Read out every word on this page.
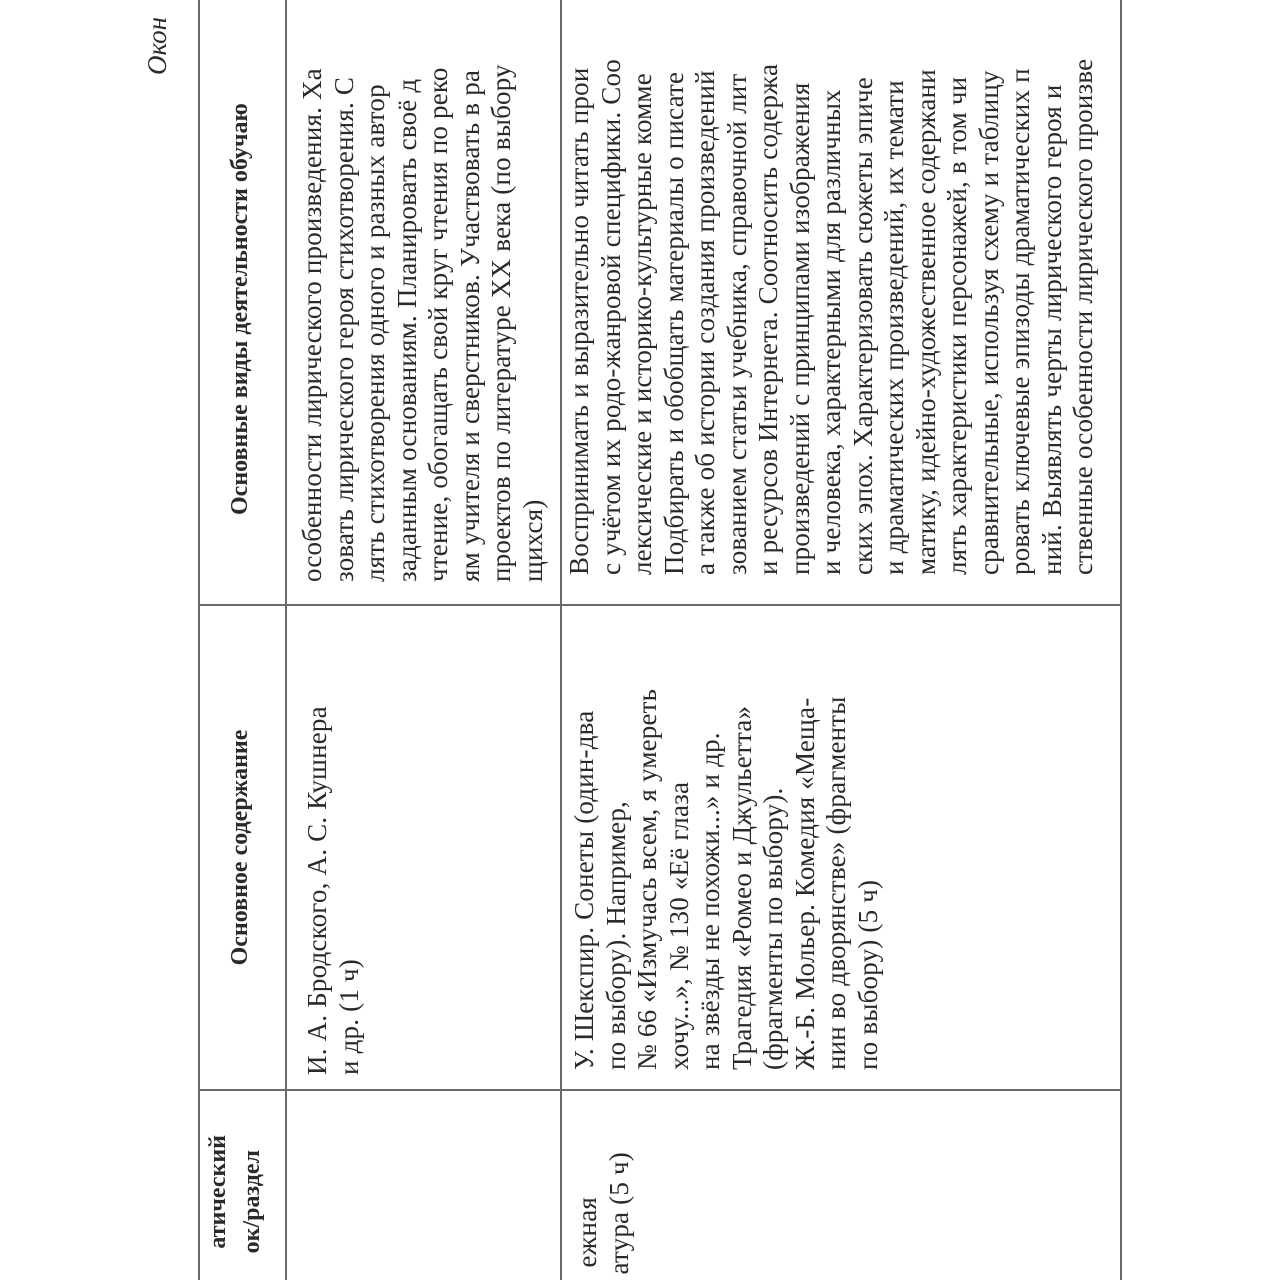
Окон
атический ок/раздел
Основное содержание
Основные виды деятельности обучаю
И. А. Бродского, А. С. Кушнера и др. (1 ч)
особенности лирического произведения. Ха зовать лирического героя стихотворения. С лять стихотворения одного и разных автор заданным основаниям. Планировать своё д чтение, обогащать свой круг чтения по реко ям учителя и сверстников. Участвовать в ра проектов по литературе XX века (по выбору щихся)
ежная атура (5 ч)
У. Шекспир. Сонеты (один-два по выбору). Например, № 66 «Измучась всем, я умереть хочу...», № 130 «Её глаза на звёзды не похожи...» и др. Трагедия «Ромео и Джульетта» (фрагменты по выбору). Ж.-Б. Мольер. Комедия «Меща- нин во дворянстве» (фрагменты по выбору) (5 ч)
Воспринимать и выразительно читать прои с учётом их родо-жанровой специфики. Соо лексические и историко-культурные комме Подбирать и обобщать материалы о писате а также об истории создания произведений зованием статьи учебника, справочной лит и ресурсов Интернета. Соотносить содержа произведений с принципами изображения и человека, характерными для различных ских эпох. Характеризовать сюжеты эпиче и драматических произведений, их темати матику, идейно-художественное содержани лять характеристики персонажей, в том чи сравнительные, используя схему и таблицу ровать ключевые эпизоды драматических п ний. Выявлять черты лирического героя и ственные особенности лирического произве
